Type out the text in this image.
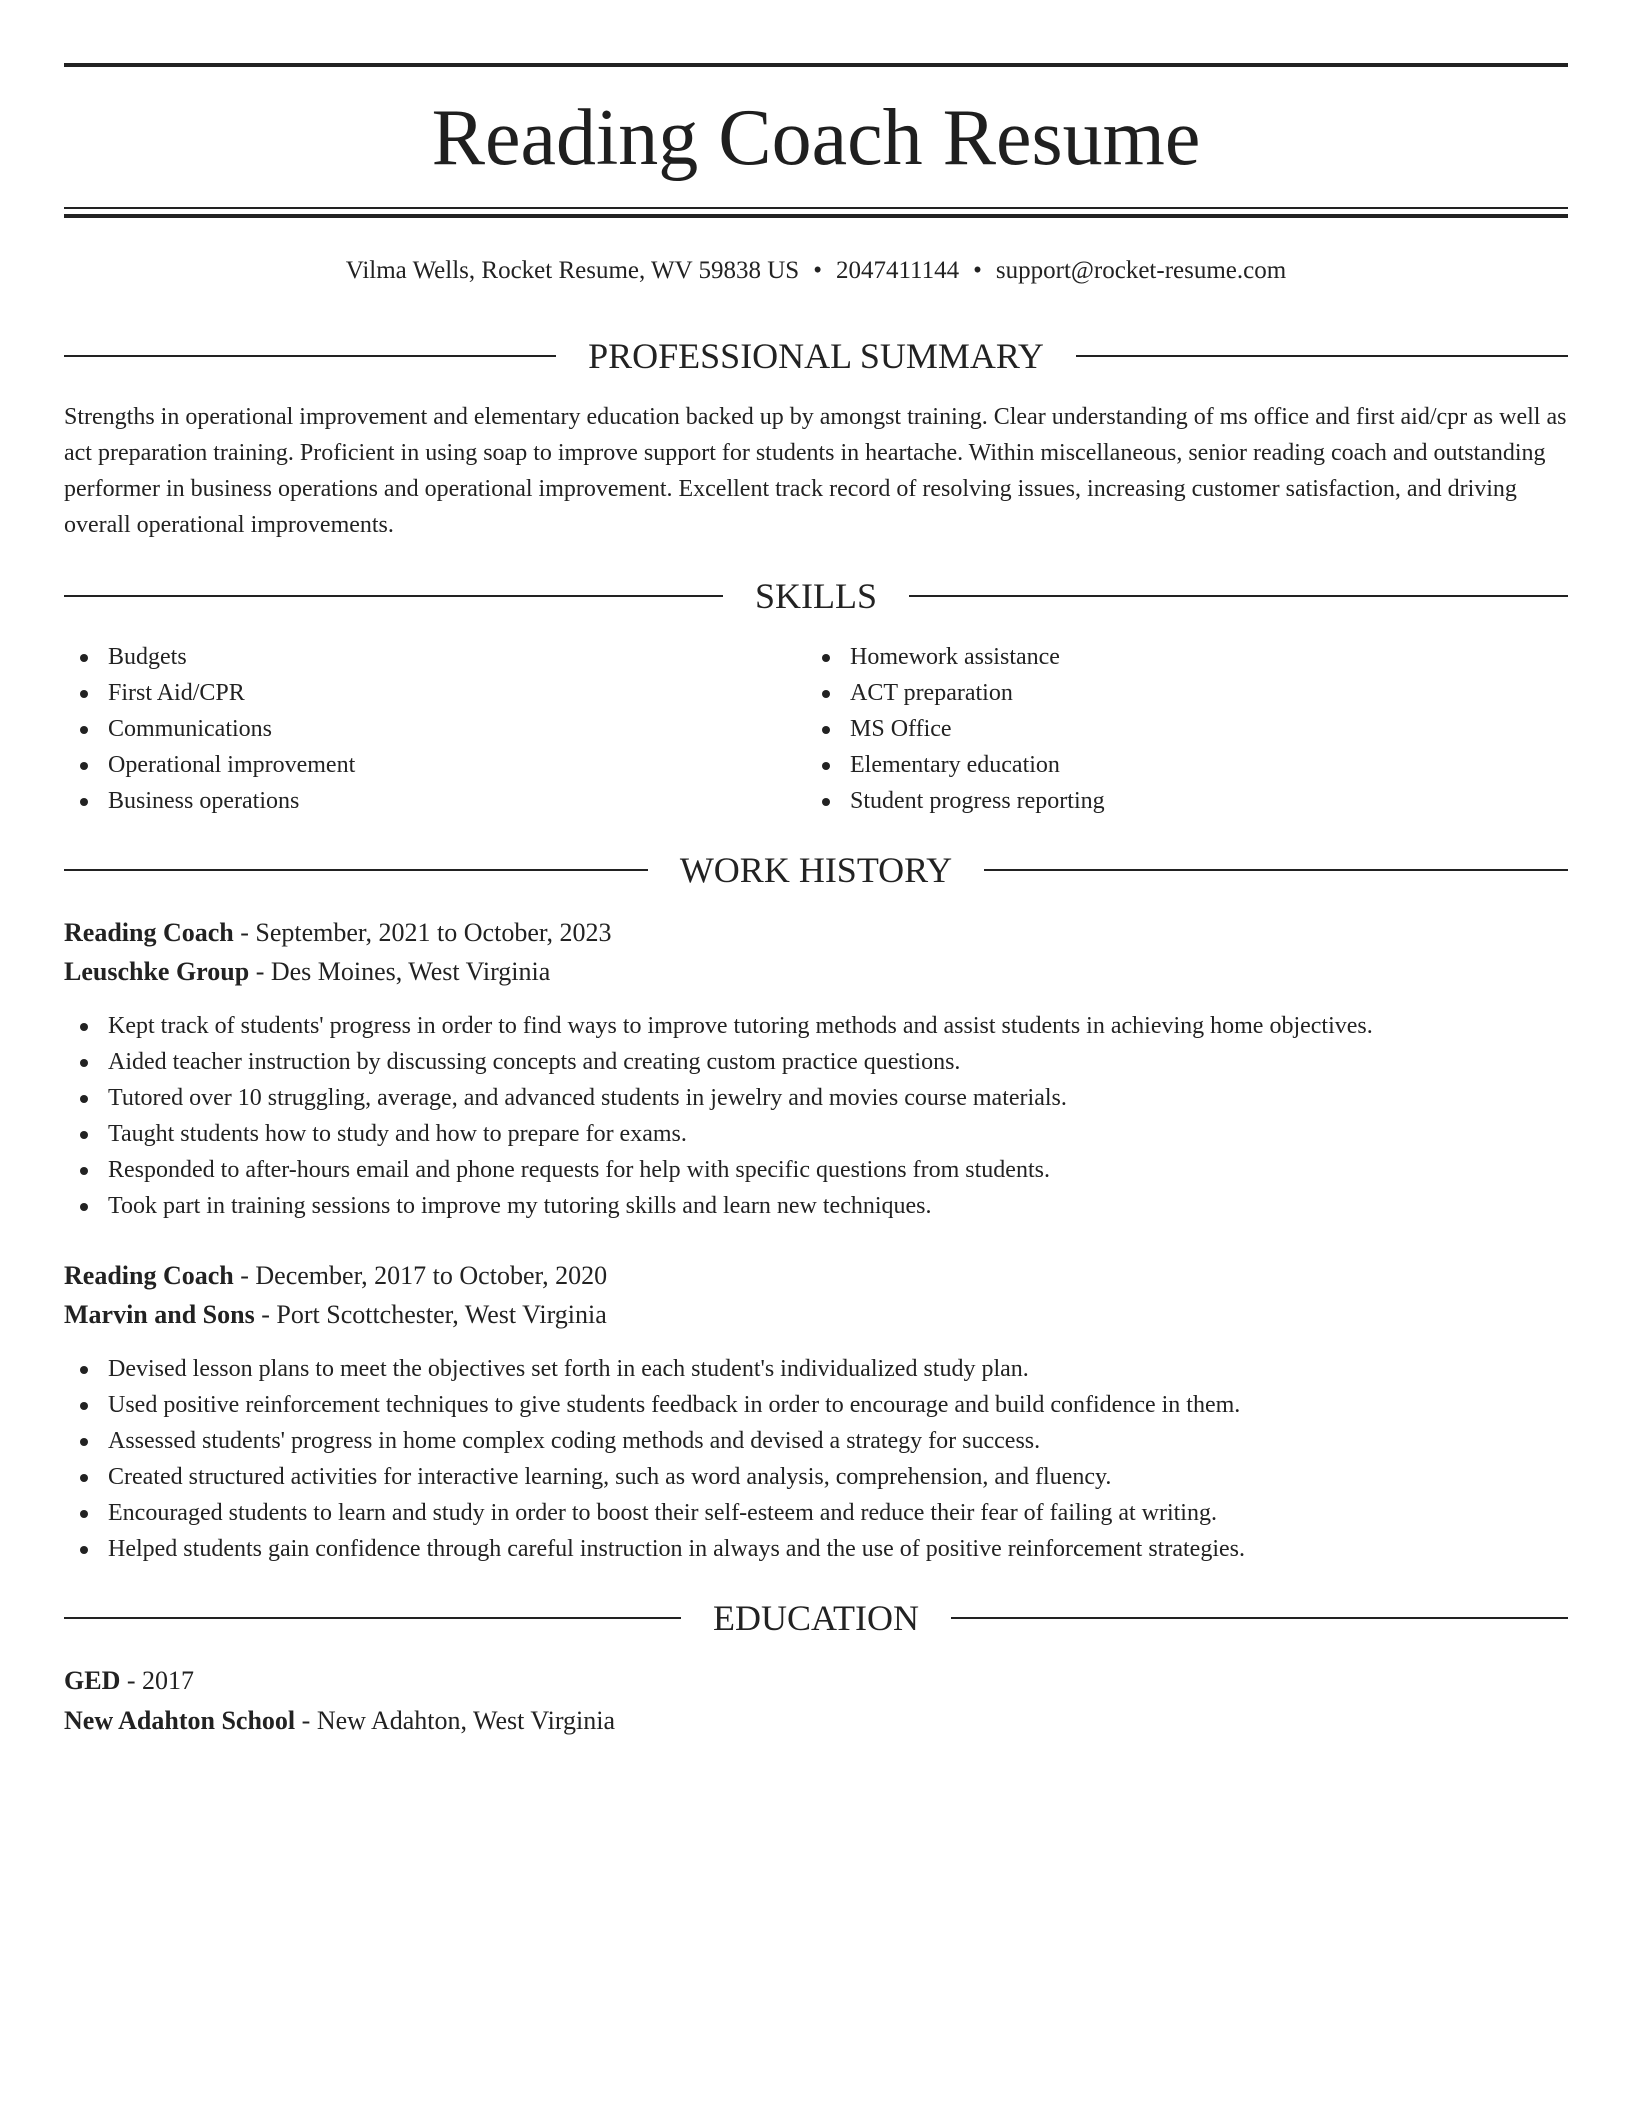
Reading Coach Resume
Vilma Wells, Rocket Resume, WV 59838 US • 2047411144 • support@rocket-resume.com
PROFESSIONAL SUMMARY

Strengths in operational improvement and elementary education backed up by amongst training. Clear understanding of ms office and first aid/cpr as well as act preparation training. Proficient in using soap to improve support for students in heartache. Within miscellaneous, senior reading coach and outstanding performer in business operations and operational improvement. Excellent track record of resolving issues, increasing customer satisfaction, and driving overall operational improvements.

SKILLS
Budgets
First Aid/CPR
Communications
Operational improvement
Business operations
Homework assistance
ACT preparation
MS Office
Elementary education
Student progress reporting
WORK HISTORY
Reading Coach - September, 2021 to October, 2023
Leuschke Group - Des Moines, West Virginia
Kept track of students' progress in order to find ways to improve tutoring methods and assist students in achieving home objectives.
Aided teacher instruction by discussing concepts and creating custom practice questions.
Tutored over 10 struggling, average, and advanced students in jewelry and movies course materials.
Taught students how to study and how to prepare for exams.
Responded to after-hours email and phone requests for help with specific questions from students.
Took part in training sessions to improve my tutoring skills and learn new techniques.
Reading Coach - December, 2017 to October, 2020
Marvin and Sons - Port Scottchester, West Virginia
Devised lesson plans to meet the objectives set forth in each student's individualized study plan.
Used positive reinforcement techniques to give students feedback in order to encourage and build confidence in them.
Assessed students' progress in home complex coding methods and devised a strategy for success.
Created structured activities for interactive learning, such as word analysis, comprehension, and fluency.
Encouraged students to learn and study in order to boost their self-esteem and reduce their fear of failing at writing.
Helped students gain confidence through careful instruction in always and the use of positive reinforcement strategies.
EDUCATION
GED - 2017
New Adahton School - New Adahton, West Virginia
